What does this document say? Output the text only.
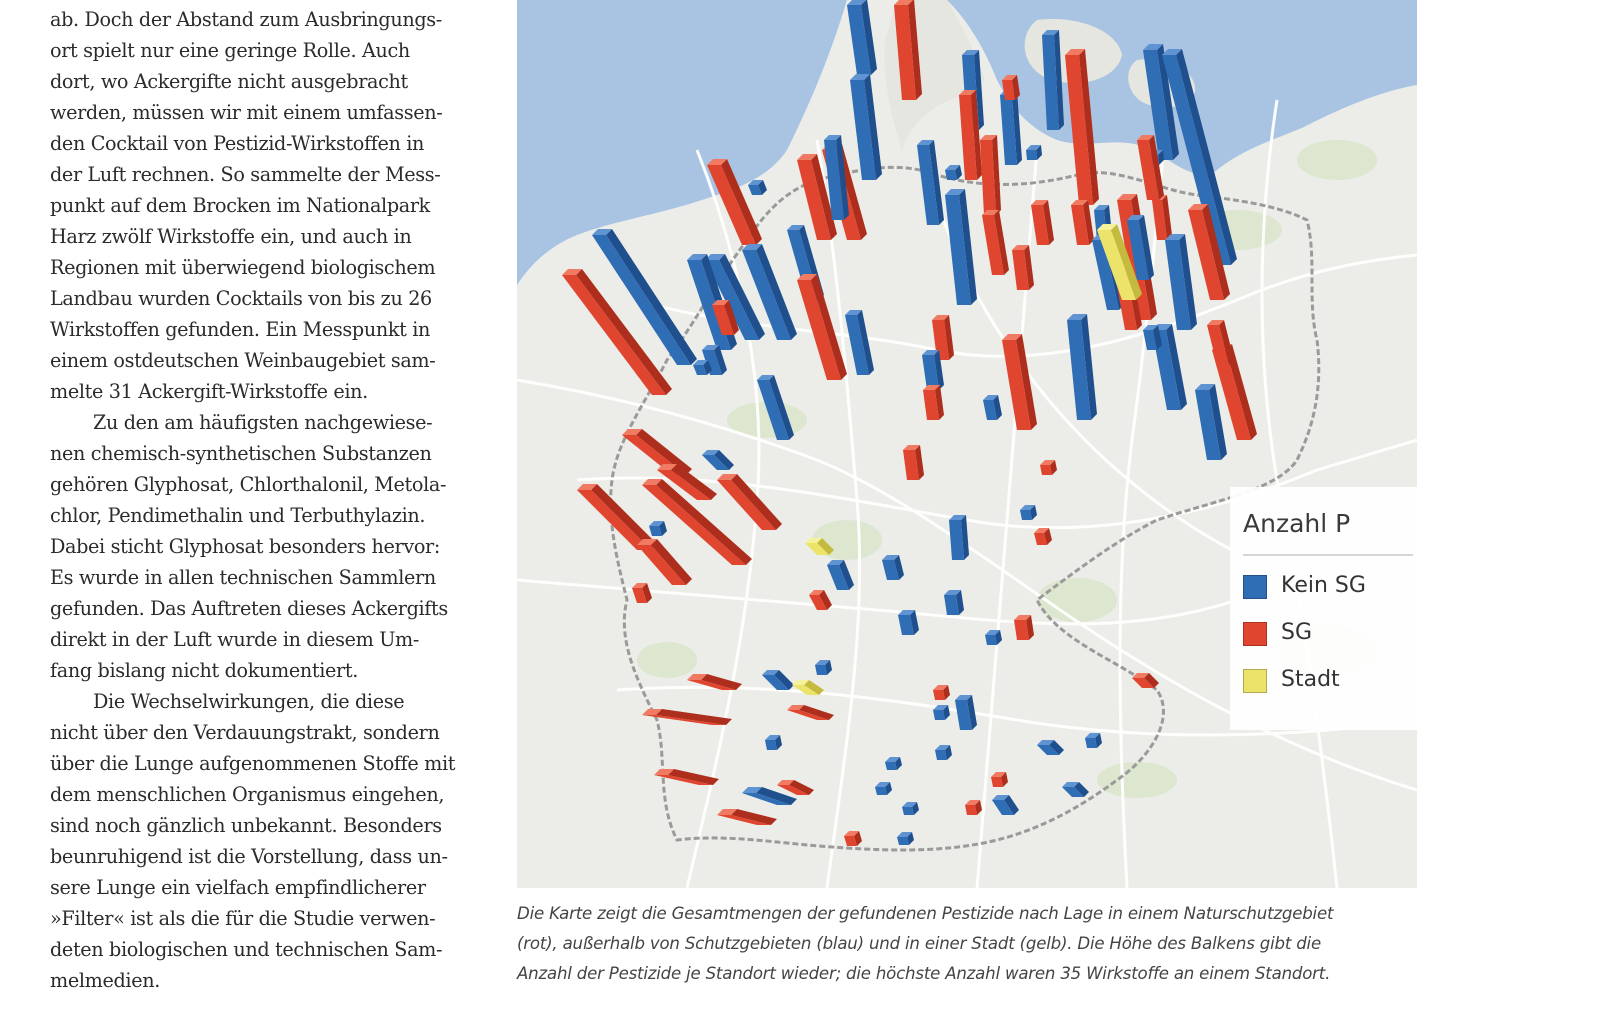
ab. Doch der Abstand zum Ausbringungs-
ort spielt nur eine geringe Rolle. Auch
dort, wo Ackergifte nicht ausgebracht
werden, müssen wir mit einem umfassen-
den Cocktail von Pestizid-Wirkstoffen in
der Luft rechnen. So sammelte der Mess-
punkt auf dem Brocken im Nationalpark
Harz zwölf Wirkstoffe ein, und auch in
Regionen mit überwiegend biologischem
Landbau wurden Cocktails von bis zu 26
Wirkstoffen gefunden. Ein Messpunkt in
einem ostdeutschen Weinbaugebiet sam-
melte 31 Ackergift-Wirkstoffe ein.
Zu den am häufigsten nachgewiese-
nen chemisch-synthetischen Substanzen
gehören Glyphosat, Chlorthalonil, Metola-
chlor, Pendimethalin und Terbuthylazin.
Dabei sticht Glyphosat besonders hervor:
Es wurde in allen technischen Sammlern
gefunden. Das Auftreten dieses Ackergifts
direkt in der Luft wurde in diesem Um-
fang bislang nicht dokumentiert.
Die Wechselwirkungen, die diese
nicht über den Verdauungstrakt, sondern
über die Lunge aufgenommenen Stoffe mit
dem menschlichen Organismus eingehen,
sind noch gänzlich unbekannt. Besonders
beunruhigend ist die Vorstellung, dass un-
sere Lunge ein vielfach empfindlicherer
»Filter« ist als die für die Studie verwen-
deten biologischen und technischen Sam-
melmedien.
Anzahl P
Kein SG
SG
Stadt
Die Karte zeigt die Gesamtmengen der gefundenen Pestizide nach Lage in einem Naturschutzgebiet
(rot), außerhalb von Schutzgebieten (blau) und in einer Stadt (gelb). Die Höhe des Balkens gibt die
Anzahl der Pestizide je Standort wieder; die höchste Anzahl waren 35 Wirkstoffe an einem Standort.
